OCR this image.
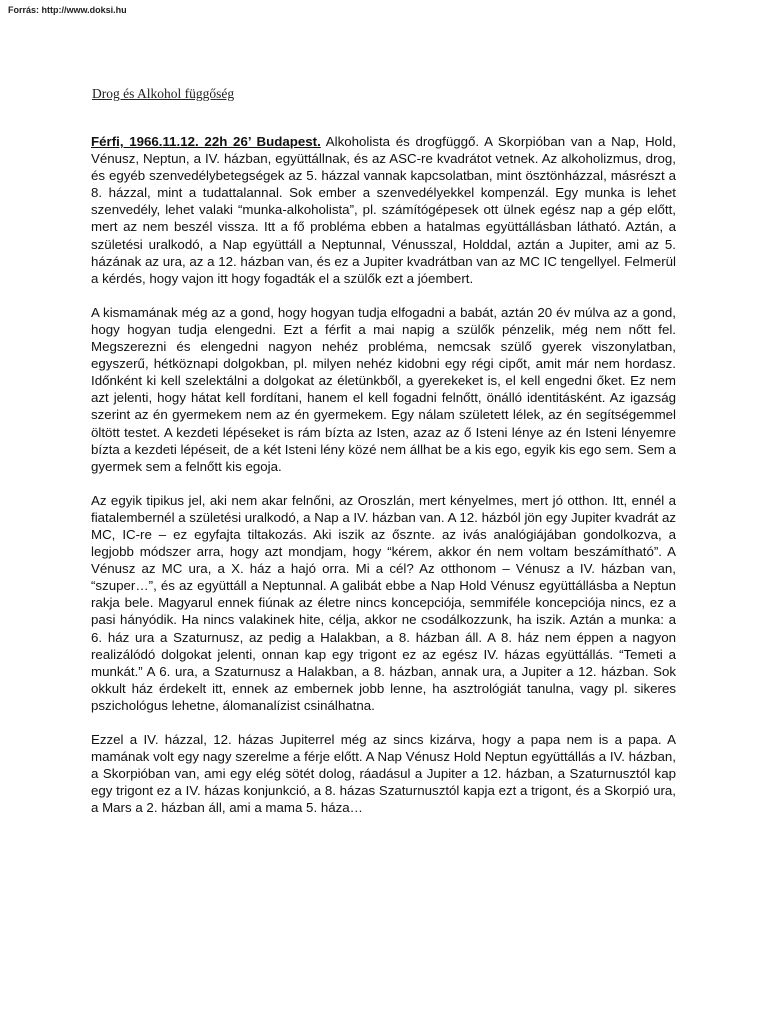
Forrás: http://www.doksi.hu
Drog és Alkohol függőség

Férfi, 1966.11.12. 22h 26’ Budapest. Alkoholista és drogfüggő. A Skorpióban van a Nap, Hold, Vénusz, Neptun, a IV. házban, együttállnak, és az ASC-re kvadrátot vetnek. Az alkoholizmus, drog, és egyéb szenvedélybetegségek az 5. házzal vannak kapcsolatban, mint ösztönházzal, másrészt a 8. házzal, mint a tudattalannal. Sok ember a szenvedélyekkel kompenzál. Egy munka is lehet szenvedély, lehet valaki “munka-alkoholista”, pl. számítógépesek ott ülnek egész nap a gép előtt, mert az nem beszél vissza. Itt a fő probléma ebben a hatalmas együttállásban látható. Aztán, a születési uralkodó, a Nap együttáll a Neptunnal, Vénusszal, Holddal, aztán a Jupiter, ami az 5. házának az ura, az a 12. házban van, és ez a Jupiter kvadrátban van az MC IC tengellyel. Felmerül a kérdés, hogy vajon itt hogy fogadták el a szülők ezt a jóembert.

A kismamának még az a gond, hogy hogyan tudja elfogadni a babát, aztán 20 év múlva az a gond, hogy hogyan tudja elengedni. Ezt a férfit a mai napig a szülők pénzelik, még nem nőtt fel. Megszerezni és elengedni nagyon nehéz probléma, nemcsak szülő gyerek viszonylatban, egyszerű, hétköznapi dolgokban, pl. milyen nehéz kidobni egy régi cipőt, amit már nem hordasz. Időnként ki kell szelektálni a dolgokat az életünkből, a gyerekeket is, el kell engedni őket. Ez nem azt jelenti, hogy hátat kell fordítani, hanem el kell fogadni felnőtt, önálló identitásként. Az igazság szerint az én gyermekem nem az én gyermekem. Egy nálam született lélek, az én segítségemmel öltött testet. A kezdeti lépéseket is rám bízta az Isten, azaz az ő Isteni lénye az én Isteni lényemre bízta a kezdeti lépéseit, de a két Isteni lény közé nem állhat be a kis ego, egyik kis ego sem. Sem a gyermek sem a felnőtt kis egoja.

Az egyik tipikus jel, aki nem akar felnőni, az Oroszlán, mert kényelmes, mert jó otthon. Itt, ennél a fiatalembernél a születési uralkodó, a Nap a IV. házban van. A 12. házból jön egy Jupiter kvadrát az MC, IC-re – ez egyfajta tiltakozás. Aki iszik az ősznte. az ivás analógiájában gondolkozva, a legjobb módszer arra, hogy azt mondjam, hogy “kérem, akkor én nem voltam beszámítható”. A Vénusz az MC ura, a X. ház a hajó orra. Mi a cél? Az otthonom – Vénusz a IV. házban van, “szuper…”, és az együttáll a Neptunnal. A galibát ebbe a Nap Hold Vénusz együttállásba a Neptun rakja bele. Magyarul ennek fiúnak az életre nincs koncepciója, semmiféle koncepciója nincs, ez a pasi hányódik. Ha nincs valakinek hite, célja, akkor ne csodálkozzunk, ha iszik. Aztán a munka: a 6. ház ura a Szaturnusz, az pedig a Halakban, a 8. házban áll. A 8. ház nem éppen a nagyon realizálódó dolgokat jelenti, onnan kap egy trigont ez az egész IV. házas együttállás. “Temeti a munkát.” A 6. ura, a Szaturnusz a Halakban, a 8. házban, annak ura, a Jupiter a 12. házban. Sok okkult ház érdekelt itt, ennek az embernek jobb lenne, ha asztrológiát tanulna, vagy pl. sikeres pszichológus lehetne, álomanalízist csinálhatna.

Ezzel a IV. házzal, 12. házas Jupiterrel még az sincs kizárva, hogy a papa nem is a papa. A mamának volt egy nagy szerelme a férje előtt. A Nap Vénusz Hold Neptun együttállás a IV. házban, a Skorpióban van, ami egy elég sötét dolog, ráadásul a Jupiter a 12. házban, a Szaturnusztól kap egy trigont ez a IV. házas konjunkció, a 8. házas Szaturnusztól kapja ezt a trigont, és a Skorpió ura, a Mars a 2. házban áll, ami a mama 5. háza…
